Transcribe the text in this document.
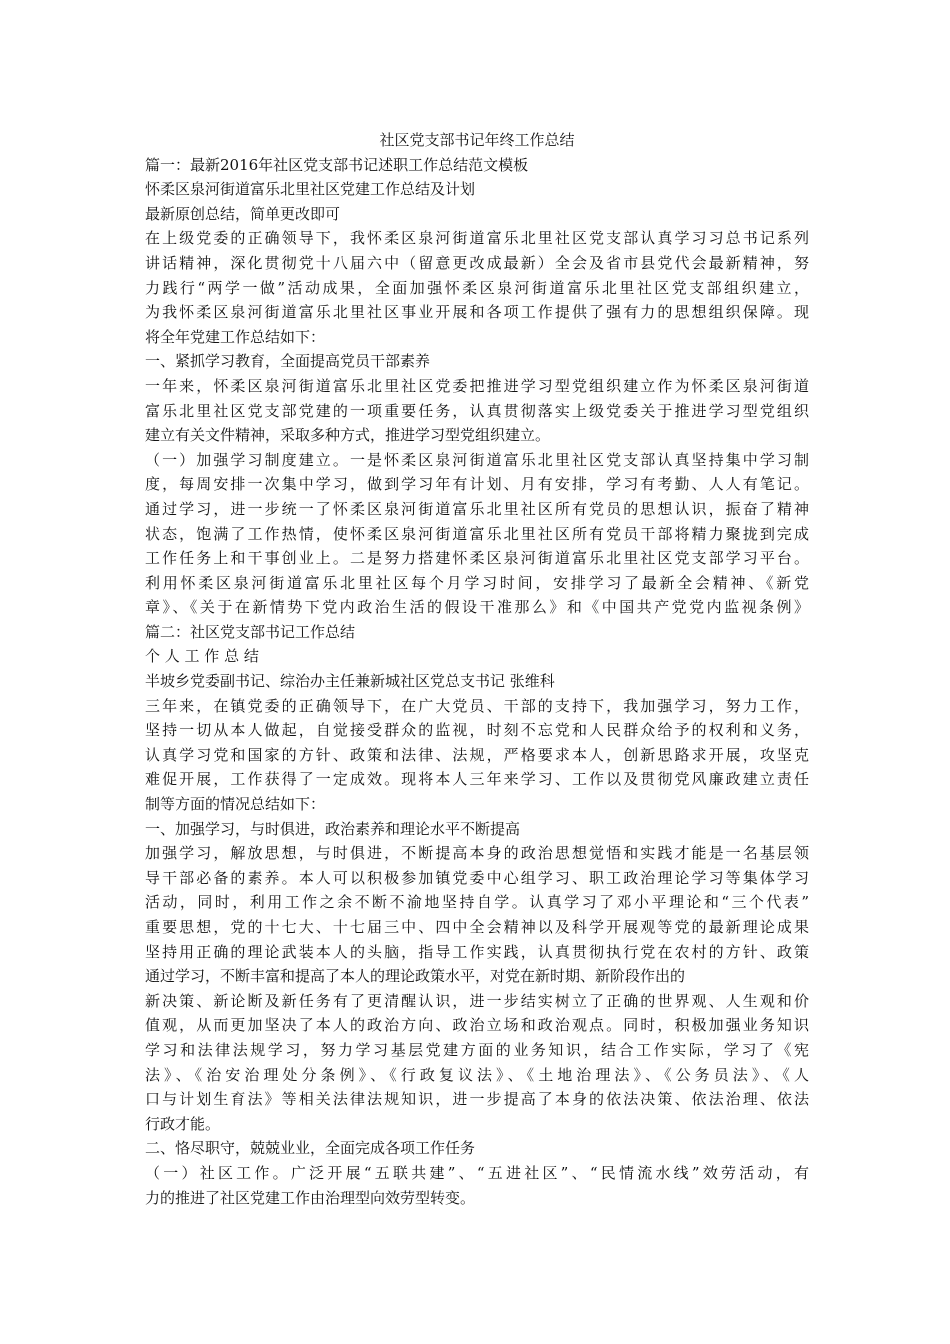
社区党支部书记年终工作总结

篇一：最新2016年社区党支部书记述职工作总结范文模板
怀柔区泉河街道富乐北里社区党建工作总结及计划
最新原创总结，简单更改即可
在上级党委的正确领导下，我怀柔区泉河街道富乐北里社区党支部认真学习习总书记系列
讲话精神，深化贯彻党十八届六中（留意更改成最新）全会及省市县党代会最新精神，努
力践行“两学一做”活动成果，全面加强怀柔区泉河街道富乐北里社区党支部组织建立，
为我怀柔区泉河街道富乐北里社区事业开展和各项工作提供了强有力的思想组织保障。现
将全年党建工作总结如下：
一、紧抓学习教育，全面提高党员干部素养
一年来，怀柔区泉河街道富乐北里社区党委把推进学习型党组织建立作为怀柔区泉河街道
富乐北里社区党支部党建的一项重要任务，认真贯彻落实上级党委关于推进学习型党组织
建立有关文件精神，采取多种方式，推进学习型党组织建立。
（一）加强学习制度建立。一是怀柔区泉河街道富乐北里社区党支部认真坚持集中学习制
度，每周安排一次集中学习，做到学习年有计划、月有安排，学习有考勤、人人有笔记。
通过学习，进一步统一了怀柔区泉河街道富乐北里社区所有党员的思想认识，振奋了精神
状态，饱满了工作热情，使怀柔区泉河街道富乐北里社区所有党员干部将精力聚拢到完成
工作任务上和干事创业上。二是努力搭建怀柔区泉河街道富乐北里社区党支部学习平台。
利用怀柔区泉河街道富乐北里社区每个月学习时间，安排学习了最新全会精神、《新党
章》、《关于在新情势下党内政治生活的假设干准那么》和《中国共产党党内监视条例》
篇二：社区党支部书记工作总结
个 人 工 作 总 结
半坡乡党委副书记、综治办主任兼新城社区党总支书记 张维科
三年来，在镇党委的正确领导下，在广大党员、干部的支持下，我加强学习，努力工作，
坚持一切从本人做起，自觉接受群众的监视，时刻不忘党和人民群众给予的权利和义务，
认真学习党和国家的方针、政策和法律、法规，严格要求本人，创新思路求开展，攻坚克
难促开展，工作获得了一定成效。现将本人三年来学习、工作以及贯彻党风廉政建立责任
制等方面的情况总结如下：
一、加强学习，与时俱进，政治素养和理论水平不断提高
加强学习，解放思想，与时俱进，不断提高本身的政治思想觉悟和实践才能是一名基层领
导干部必备的素养。本人可以积极参加镇党委中心组学习、职工政治理论学习等集体学习
活动，同时，利用工作之余不断不渝地坚持自学。认真学习了邓小平理论和“三个代表”
重要思想，党的十七大、十七届三中、四中全会精神以及科学开展观等党的最新理论成果
坚持用正确的理论武装本人的头脑，指导工作实践，认真贯彻执行党在农村的方针、政策
通过学习，不断丰富和提高了本人的理论政策水平，对党在新时期、新阶段作出的
新决策、新论断及新任务有了更清醒认识，进一步结实树立了正确的世界观、人生观和价
值观，从而更加坚决了本人的政治方向、政治立场和政治观点。同时，积极加强业务知识
学习和法律法规学习，努力学习基层党建方面的业务知识，结合工作实际，学习了《宪
法》、《治安治理处分条例》、《行政复议法》、《土地治理法》、《公务员法》、《人
口与计划生育法》等相关法律法规知识，进一步提高了本身的依法决策、依法治理、依法
行政才能。
二、恪尽职守，兢兢业业，全面完成各项工作任务
（一）社区工作。广泛开展“五联共建”、“五进社区”、“民情流水线”效劳活动，有
力的推进了社区党建工作由治理型向效劳型转变。
